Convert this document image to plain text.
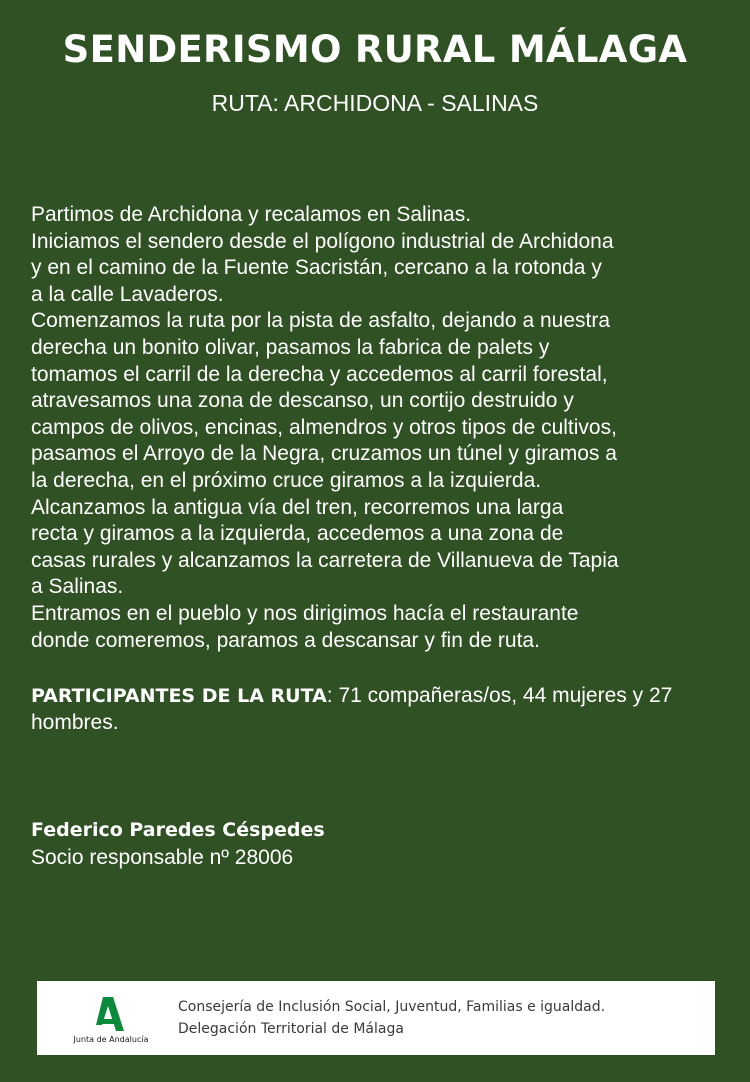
SENDERISMO RURAL MÁLAGA
RUTA: ARCHIDONA - SALINAS

Partimos de Archidona y recalamos en Salinas.

Iniciamos el sendero desde el polígono industrial de Archidona

y en el camino de la Fuente Sacristán, cercano a la rotonda y

a la calle Lavaderos.

Comenzamos la ruta por la pista de asfalto, dejando a nuestra

derecha un bonito olivar, pasamos la fabrica de palets y

tomamos el carril de la derecha y accedemos al carril forestal,

atravesamos una zona de descanso, un cortijo destruido y

campos de olivos, encinas, almendros y otros tipos de cultivos,

pasamos el Arroyo de la Negra, cruzamos un túnel y giramos a

la derecha, en el próximo cruce giramos a la izquierda.

Alcanzamos la antigua vía del tren, recorremos una larga

recta y giramos a la izquierda, accedemos a una zona de

casas rurales y alcanzamos la carretera de Villanueva de Tapia

a Salinas.

Entramos en el pueblo y nos dirigimos hacía el restaurante

donde comeremos, paramos a descansar y fin de ruta.

PARTICIPANTES DE LA RUTA: 71 compañeras/os, 44 mujeres y 27 hombres.

Federico Paredes Céspedes
Socio responsable nº 28006
Junta de Andalucía
Consejería de Inclusión Social, Juventud, Familias e igualdad.
Delegación Territorial de Málaga
